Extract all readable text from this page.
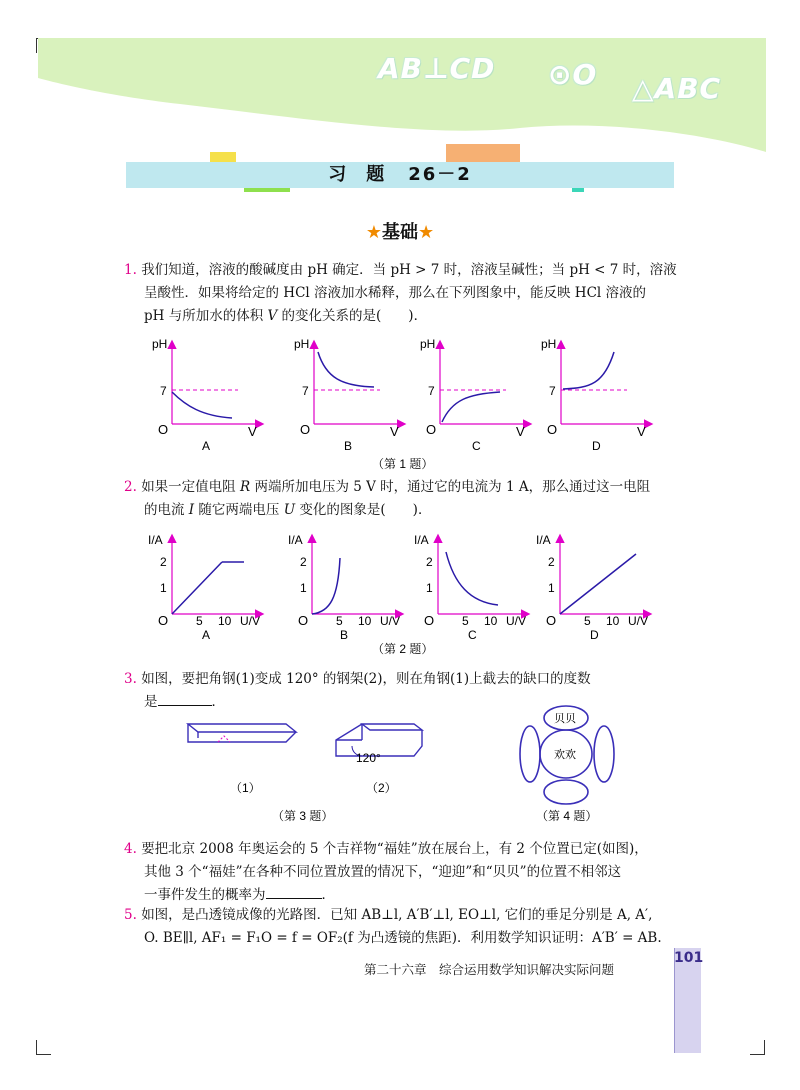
AB⊥CD ⊙O △ABC
习 题 26－2
★基础★
1. 我们知道，溶液的酸碱度由 pH 确定．当 pH > 7 时，溶液呈碱性；当 pH < 7 时，溶液
呈酸性．如果将给定的 HCl 溶液加水稀释，那么在下列图象中，能反映 HCl 溶液的
pH 与所加水的体积 V 的变化关系的是(　　)．
pH
7
O	V
A
pH
7
O	V
B
pH
7
O	V
C
pH
7
O	V
D
（第 1 题）
2. 如果一定值电阻 R 两端所加电压为 5 V 时，通过它的电流为 1 A，那么通过这一电阻
的电流 I 随它两端电压 U 变化的图象是(　　)．
I/A
2
1
O 5 10 U/V
A
I/A
2
1
O 5 10 U/V
B
I/A
2
1
O 5 10 U/V
C
I/A
2
1
O 5 10 U/V
D
（第 2 题）
3. 如图，要把角钢(1)变成 120° 的钢架(2)，则在角钢(1)上截去的缺口的度数
是	．
120°
（1）	（2）
（第 3 题）
贝贝
欢欢
（第 4 题）
4. 要把北京 2008 年奥运会的 5 个吉祥物“福娃”放在展台上，有 2 个位置已定(如图)，
其他 3 个“福娃”在各种不同位置放置的情况下，“迎迎”和“贝贝”的位置不相邻这
一事件发生的概率为	．
5. 如图，是凸透镜成像的光路图．已知 AB⊥l, A′B′⊥l, EO⊥l, 它们的垂足分别是 A, A′,
O. BE∥l, AF₁ = F₁O = f = OF₂(f 为凸透镜的焦距)．利用数学知识证明：A′B′ = AB.
101
第二十六章　综合运用数学知识解决实际问题
